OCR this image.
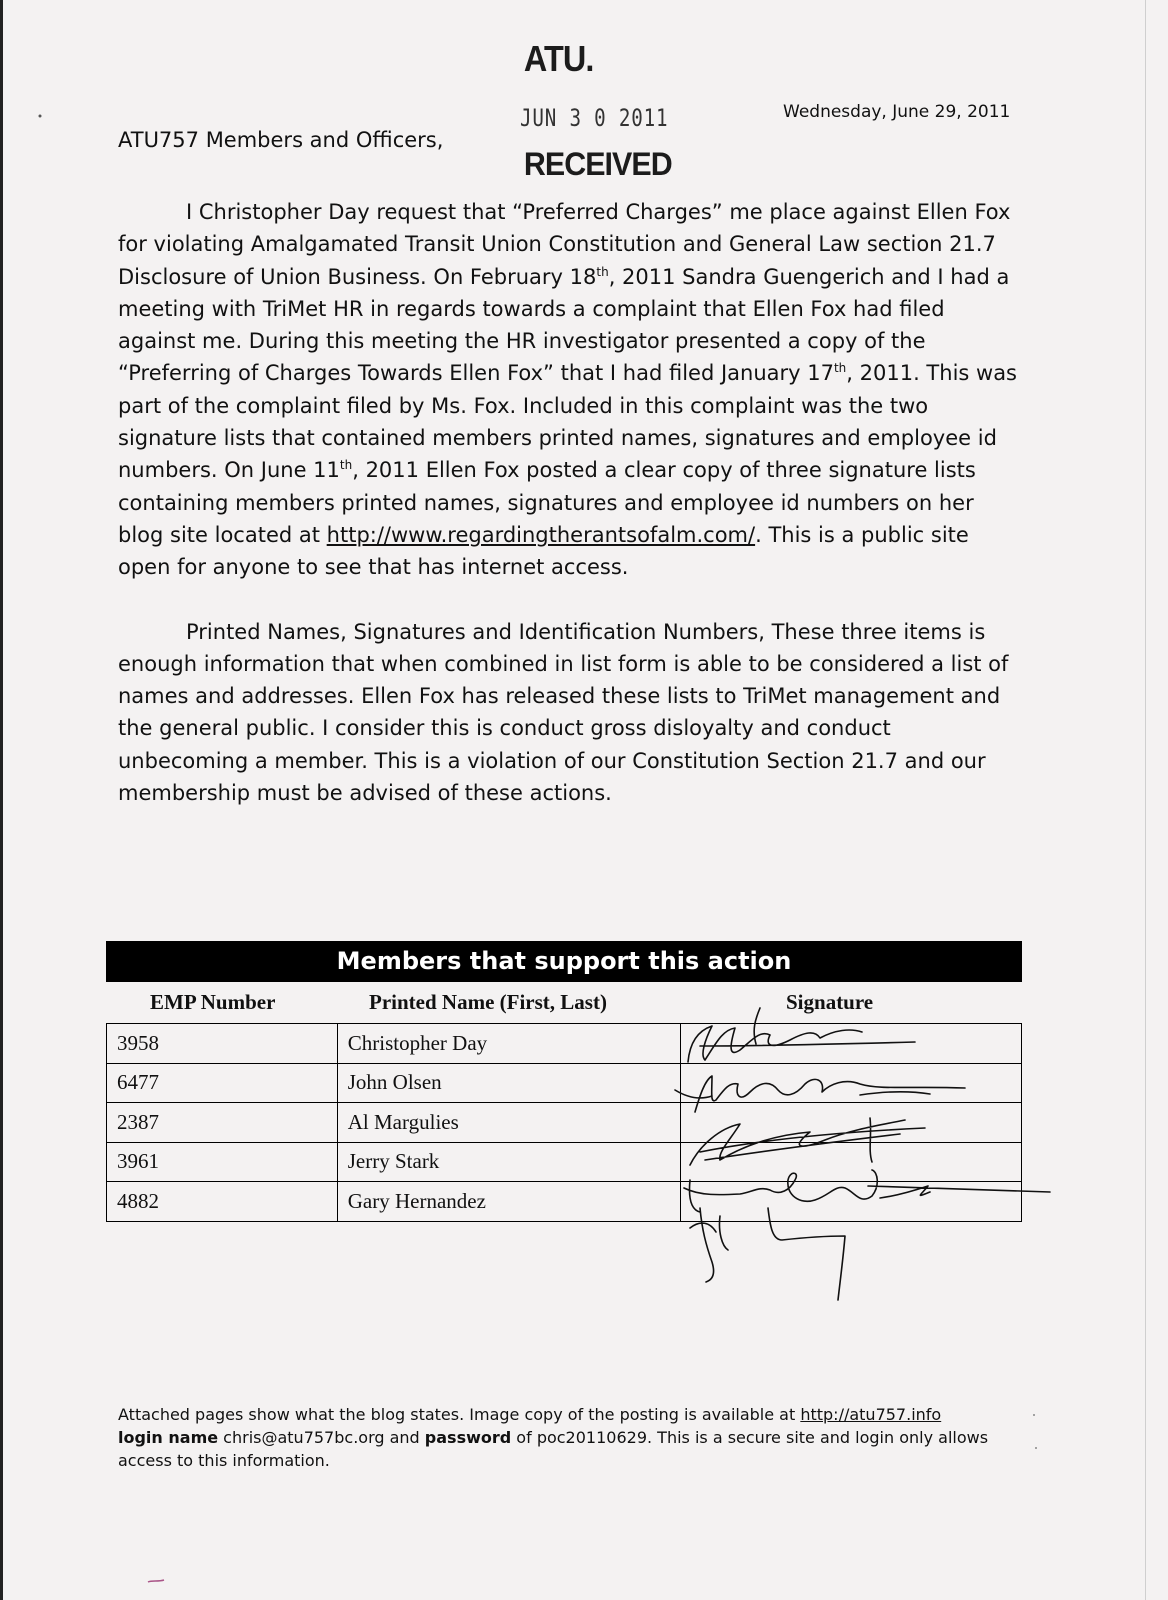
ATU.
JUN 3 0 2011
RECEIVED
Wednesday, June 29, 2011
ATU757 Members and Officers,

I Christopher Day request that “Preferred Charges” me place against Ellen Fox for violating Amalgamated Transit Union Constitution and General Law section 21.7 Disclosure of Union Business. On February 18th, 2011 Sandra Guengerich and I had a meeting with TriMet HR in regards towards a complaint that Ellen Fox had filed against me. During this meeting the HR investigator presented a copy of the “Preferring of Charges Towards Ellen Fox” that I had filed January 17th, 2011. This was part of the complaint filed by Ms. Fox. Included in this complaint was the two signature lists that contained members printed names, signatures and employee id numbers. On June 11th, 2011 Ellen Fox posted a clear copy of three signature lists containing members printed names, signatures and employee id numbers on her blog site located at http://www.regardingtherantsofalm.com/. This is a public site open for anyone to see that has internet access.

Printed Names, Signatures and Identification Numbers, These three items is enough information that when combined in list form is able to be considered a list of names and addresses. Ellen Fox has released these lists to TriMet management and the general public. I consider this is conduct gross disloyalty and conduct unbecoming a member. This is a violation of our Constitution Section 21.7 and our membership must be advised of these actions.

Members that support this action
EMP Number	Printed Name (First, Last)	Signature
3958	Christopher Day	
6477	John Olsen	
2387	Al Margulies	
3961	Jerry Stark	
4882	Gary Hernandez	
Attached pages show what the blog states. Image copy of the posting is available at http://atu757.info
login name chris@atu757bc.org and password of poc20110629. This is a secure site and login only allows access to this information.
